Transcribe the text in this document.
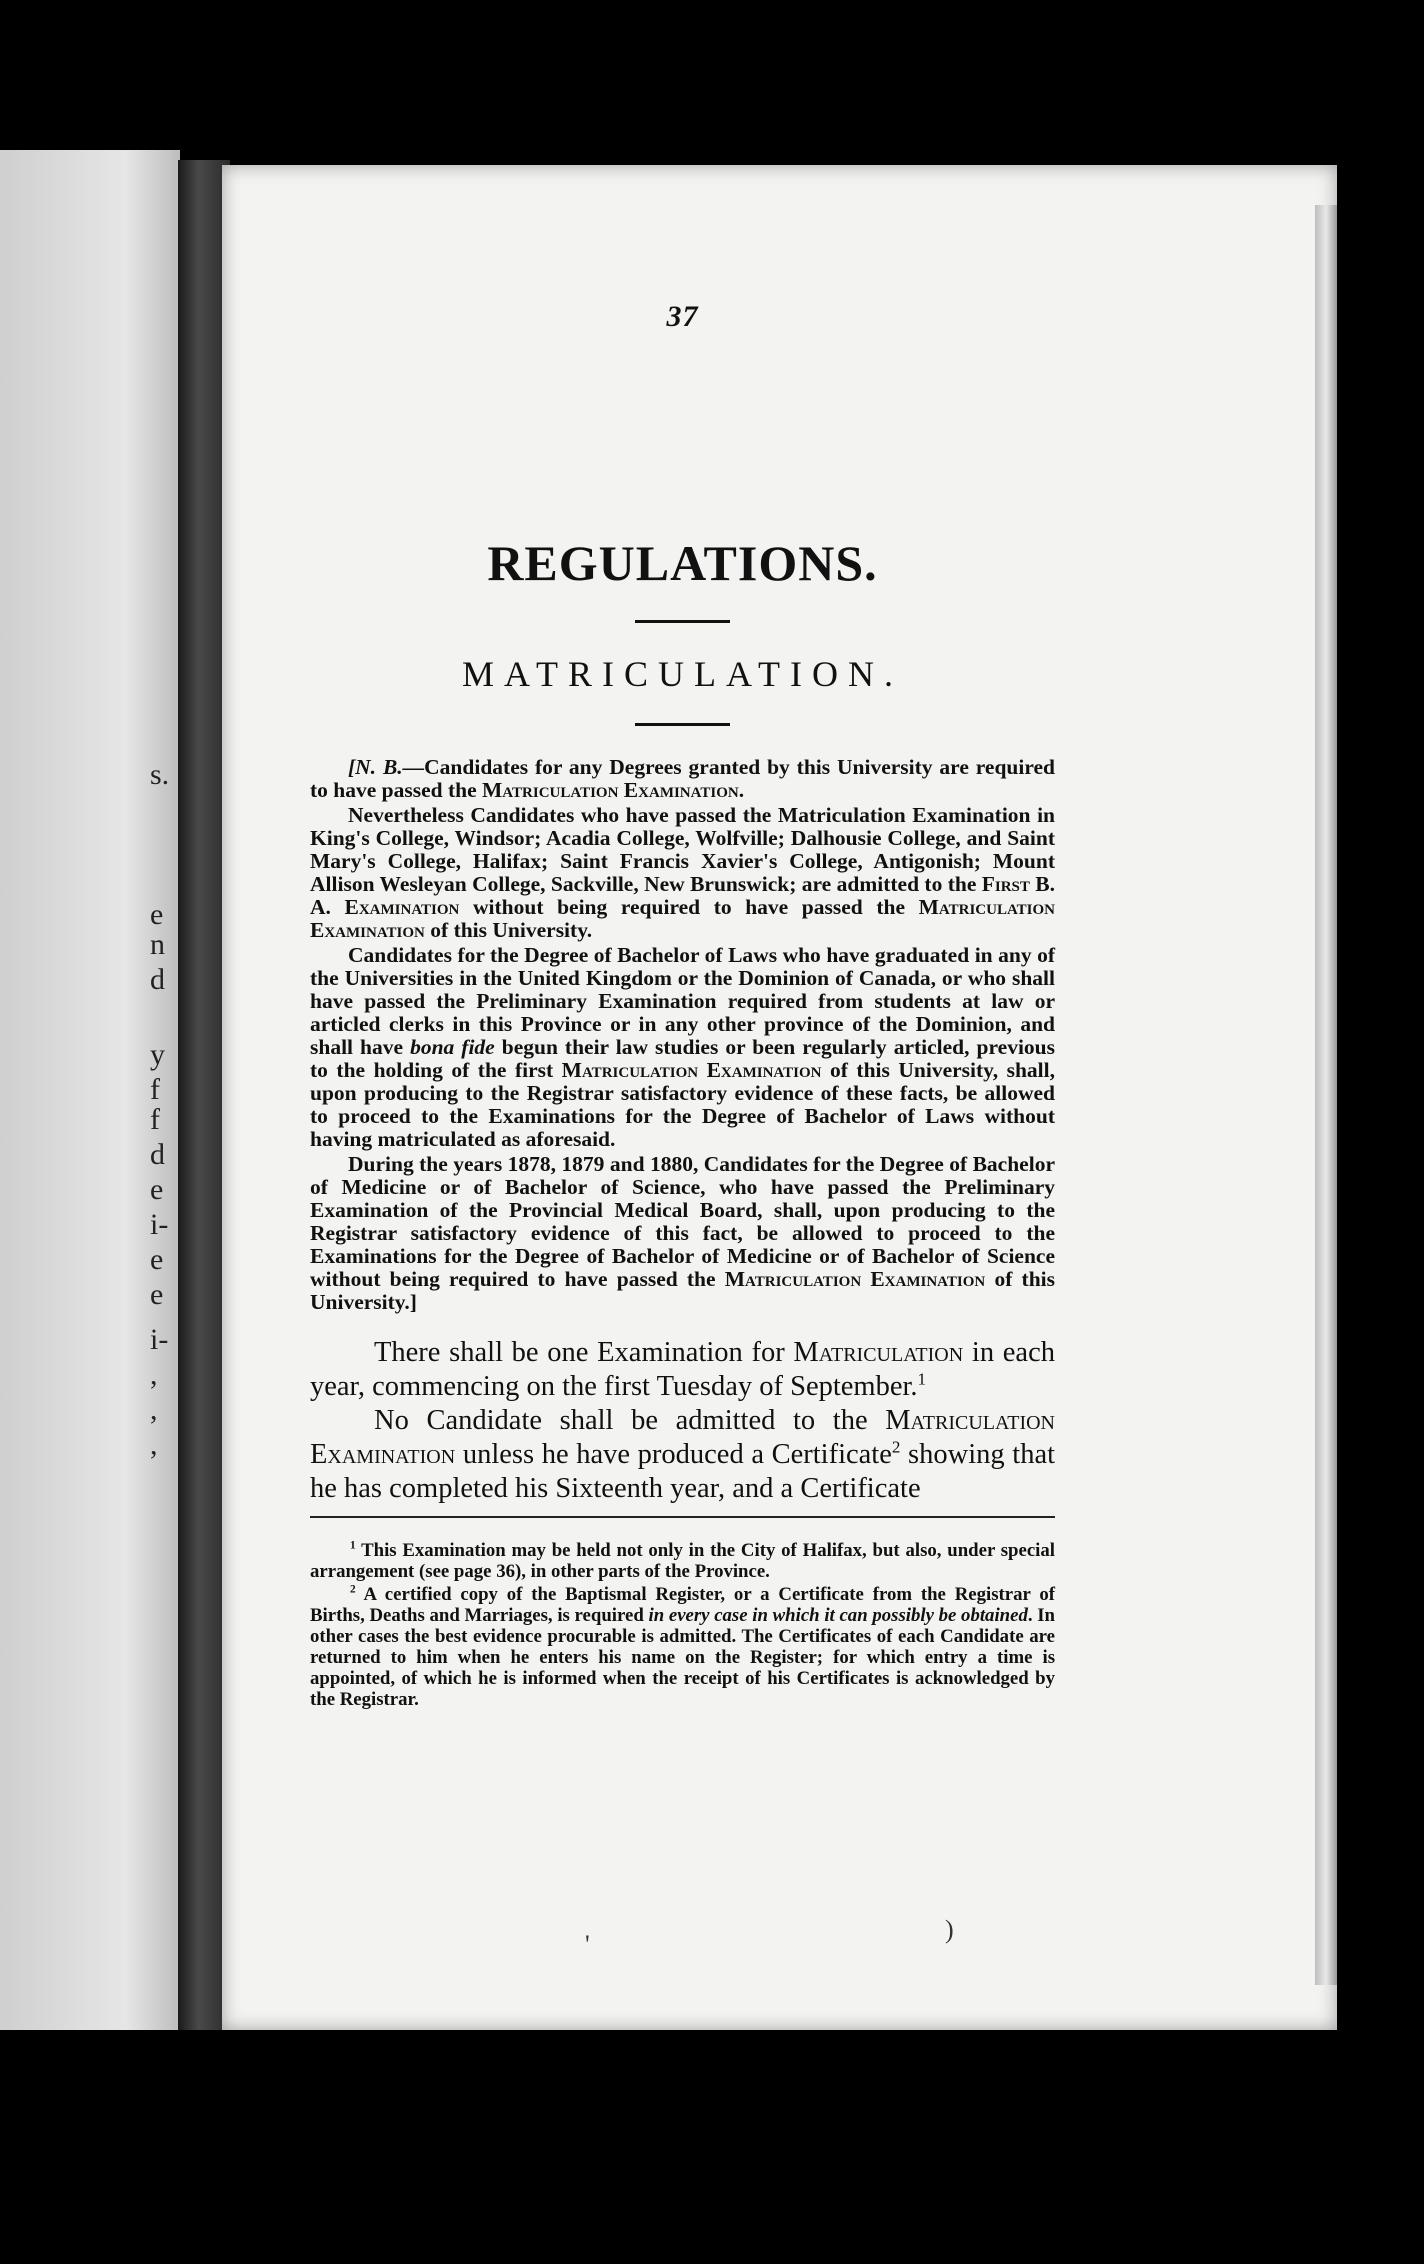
s.
e
n
d
y
f
f
d
e
i-
e
e
i-
,
,
,
37
REGULATIONS.
MATRICULATION.

[N. B.—Candidates for any Degrees granted by this University are required to have passed the Matriculation Examination.

Nevertheless Candidates who have passed the Matriculation Examination in King's College, Windsor; Acadia College, Wolfville; Dalhousie College, and Saint Mary's College, Halifax; Saint Francis Xavier's College, Antigonish; Mount Allison Wesleyan College, Sackville, New Brunswick; are admitted to the First B. A. Examination without being required to have passed the Matriculation Examination of this University.

Candidates for the Degree of Bachelor of Laws who have graduated in any of the Universities in the United Kingdom or the Dominion of Canada, or who shall have passed the Preliminary Examination required from students at law or articled clerks in this Province or in any other province of the Dominion, and shall have bona fide begun their law studies or been regularly articled, previous to the holding of the first Matriculation Examination of this University, shall, upon producing to the Registrar satisfactory evidence of these facts, be allowed to proceed to the Examinations for the Degree of Bachelor of Laws without having matriculated as aforesaid.

During the years 1878, 1879 and 1880, Candidates for the Degree of Bachelor of Medicine or of Bachelor of Science, who have passed the Preliminary Examination of the Provincial Medical Board, shall, upon producing to the Registrar satisfactory evidence of this fact, be allowed to proceed to the Examinations for the Degree of Bachelor of Medicine or of Bachelor of Science without being required to have passed the Matriculation Examination of this University.]

There shall be one Examination for Matriculation in each year, commencing on the first Tuesday of September.$^1$

No Candidate shall be admitted to the Matriculation Examination unless he have produced a Certificate$^2$ showing that he has completed his Sixteenth year, and a Certificate

$^1$ This Examination may be held not only in the City of Halifax, but also, under special arrangement (see page 36), in other parts of the Province.

$^2$ A certified copy of the Baptismal Register, or a Certificate from the Registrar of Births, Deaths and Marriages, is required in every case in which it can possibly be obtained. In other cases the best evidence procurable is admitted. The Certificates of each Candidate are returned to him when he enters his name on the Register; for which entry a time is appointed, of which he is informed when the receipt of his Certificates is acknowledged by the Registrar.

'
)
